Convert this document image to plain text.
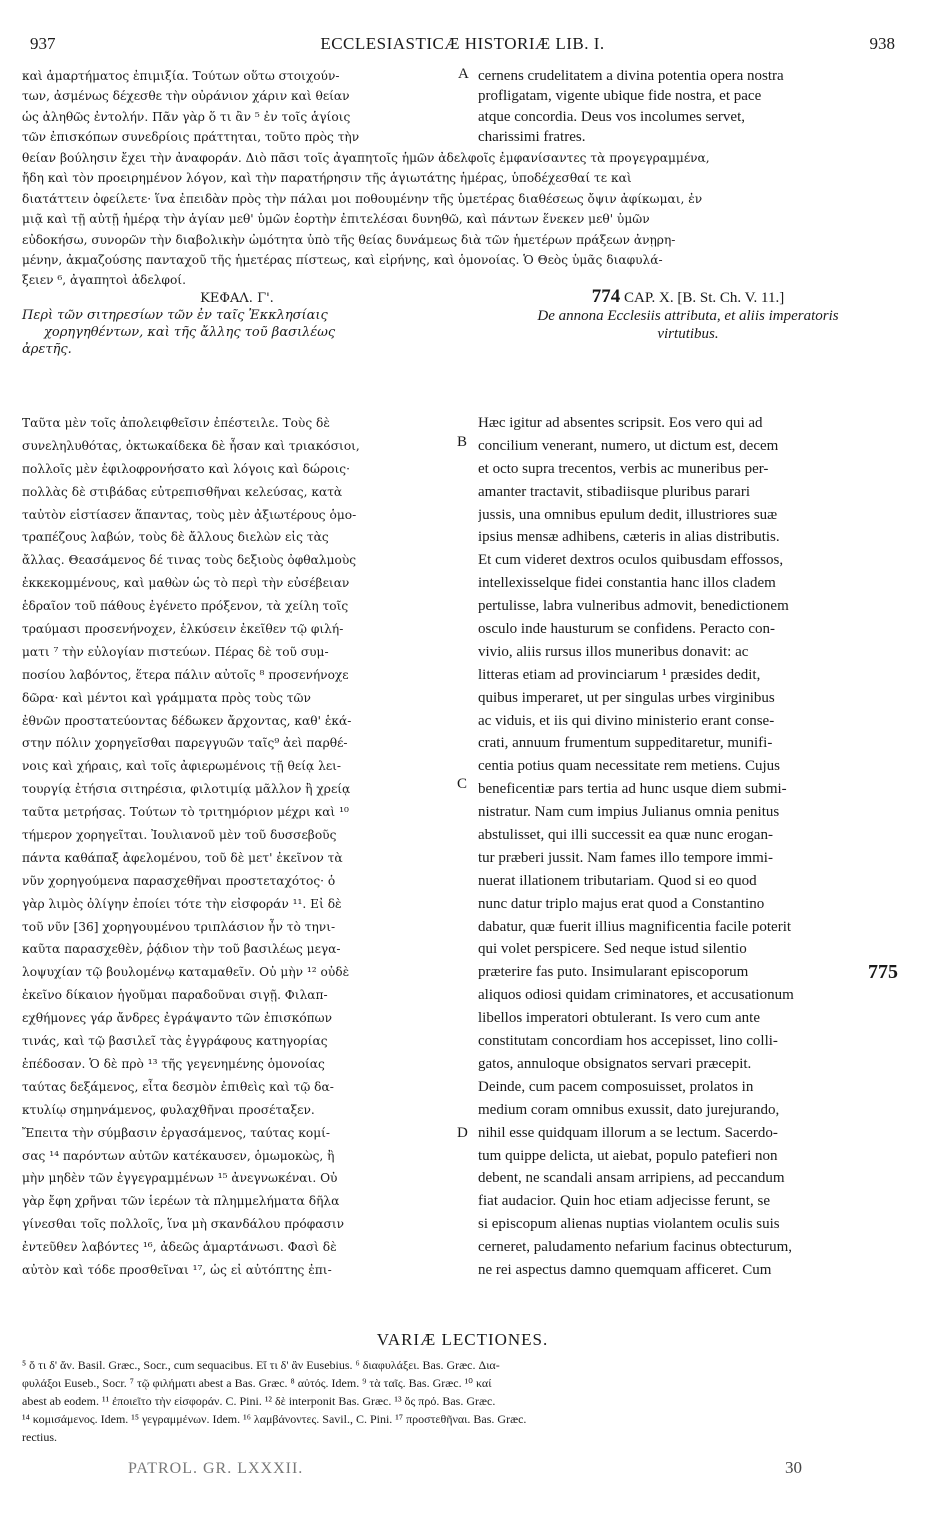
937	ECCLESIASTICÆ HISTORIÆ LIB. I.	938
καὶ ἁμαρτήματος ἐπιμιξία. Τούτων οὕτω στοιχούν-
των, ἀσμένως δέχεσθε τὴν οὐράνιον χάριν καὶ θείαν
ὡς ἀληθῶς ἐντολήν. Πᾶν γὰρ ὅ τι ἂν ⁵ ἐν τοῖς ἁγίοις
τῶν ἐπισκόπων συνεδρίοις πράττηται, τοῦτο πρὸς τὴν
A cernens crudelitatem a divina potentia opera nostra
profligatam, vigente ubique fide nostra, et pace
atque concordia. Deus vos incolumes servet,
charissimi fratres.
θείαν βούλησιν ἔχει τὴν ἀναφοράν. Διὸ πᾶσι τοῖς ἀγαπητοῖς ἡμῶν ἀδελφοῖς ἐμφανίσαντες τὰ προγεγραμμένα,
ἤδη καὶ τὸν προειρημένον λόγον, καὶ τὴν παρατήρησιν τῆς ἁγιωτάτης ἡμέρας, ὑποδέχεσθαί τε καὶ
διατάττειν ὀφείλετε· ἵνα ἐπειδὰν πρὸς τὴν πάλαι μοι ποθουμένην τῆς ὑμετέρας διαθέσεως ὄψιν ἀφίκωμαι, ἐν
μιᾷ καὶ τῇ αὐτῇ ἡμέρᾳ τὴν ἁγίαν μεθ' ὑμῶν ἑορτὴν ἐπιτελέσαι δυνηθῶ, καὶ πάντων ἕνεκεν μεθ' ὑμῶν
εὐδοκήσω, συνορῶν τὴν διαβολικὴν ὠμότητα ὑπὸ τῆς θείας δυνάμεως διὰ τῶν ἡμετέρων πράξεων ἀνῃρη-
μένην, ἀκμαζούσης πανταχοῦ τῆς ἡμετέρας πίστεως, καὶ εἰρήνης, καὶ ὁμονοίας. Ὁ Θεὸς ὑμᾶς διαφυλά-
ξειεν ⁶, ἀγαπητοὶ ἀδελφοί.
ΚΕΦΑΛ. Γ'.
Περὶ τῶν σιτηρεσίων τῶν ἐν ταῖς Ἐκκλησίαις
χορηγηθέντων, καὶ τῆς ἄλλης τοῦ βασιλέως
ἀρετῆς.
774 CAP. X. [B. St. Ch. V. 11.]
De annona Ecclesiis attributa, et aliis imperatoris
virtutibus.
Ταῦτα μὲν τοῖς ἀπολειφθεῖσιν ἐπέστειλε. Τοὺς δὲ
συνεληλυθότας, ὀκτωκαίδεκα δὲ ἦσαν καὶ τριακόσιοι,
πολλοῖς μὲν ἐφιλοφρονήσατο καὶ λόγοις καὶ δώροις·
πολλὰς δὲ στιβάδας εὐτρεπισθῆναι κελεύσας, κατὰ
ταὐτὸν εἱστίασεν ἅπαντας, τοὺς μὲν ἀξιωτέρους ὁμο-
τραπέζους λαβών, τοὺς δὲ ἄλλους διελὼν εἰς τὰς
ἄλλας. Θεασάμενος δέ τινας τοὺς δεξιοὺς ὀφθαλμοὺς
ἐκκεκομμένους, καὶ μαθὼν ὡς τὸ περὶ τὴν εὐσέβειαν
ἑδραῖον τοῦ πάθους ἐγένετο πρόξενον, τὰ χείλη τοῖς
τραύμασι προσενήνοχεν, ἑλκύσειν ἐκεῖθεν τῷ φιλή-
ματι ⁷ τὴν εὐλογίαν πιστεύων. Πέρας δὲ τοῦ συμ-
ποσίου λαβόντος, ἕτερα πάλιν αὐτοῖς ⁸ προσενήνοχε
δῶρα· καὶ μέντοι καὶ γράμματα πρὸς τοὺς τῶν
ἐθνῶν προστατεύοντας δέδωκεν ἄρχοντας, καθ' ἑκά-
στην πόλιν χορηγεῖσθαι παρεγγυῶν ταῖς⁹ ἀεὶ παρθέ-
νοις καὶ χήραις, καὶ τοῖς ἀφιερωμένοις τῇ θείᾳ λει-
τουργίᾳ ἐτήσια σιτηρέσια, φιλοτιμίᾳ μᾶλλον ἢ χρείᾳ
ταῦτα μετρήσας. Τούτων τὸ τριτημόριον μέχρι καὶ ¹⁰
τήμερον χορηγεῖται. Ἰουλιανοῦ μὲν τοῦ δυσσεβοῦς
πάντα καθάπαξ ἀφελομένου, τοῦ δὲ μετ' ἐκεῖνον τὰ
νῦν χορηγούμενα παρασχεθῆναι προστεταχότος· ὁ
γὰρ λιμὸς ὀλίγην ἐποίει τότε τὴν εἰσφοράν ¹¹. Εἰ δὲ
τοῦ νῦν [36] χορηγουμένου τριπλάσιον ἦν τὸ τηνι-
καῦτα παρασχεθὲν, ῥᾴδιον τὴν τοῦ βασιλέως μεγα-
λοψυχίαν τῷ βουλομένῳ καταμαθεῖν. Οὐ μὴν ¹² οὐδὲ
ἐκεῖνο δίκαιον ἡγοῦμαι παραδοῦναι σιγῇ. Φιλαπ-
εχθήμονες γάρ ἄνδρες ἐγράψαντο τῶν ἐπισκόπων
τινάς, καὶ τῷ βασιλεῖ τὰς ἐγγράφους κατηγορίας
ἐπέδοσαν. Ὁ δὲ πρὸ ¹³ τῆς γεγενημένης ὁμονοίας
ταύτας δεξάμενος, εἶτα δεσμὸν ἐπιθεὶς καὶ τῷ δα-
κτυλίῳ σημηνάμενος, φυλαχθῆναι προσέταξεν.
Ἔπειτα τὴν σύμβασιν ἐργασάμενος, ταύτας κομί-
σας ¹⁴ παρόντων αὐτῶν κατέκαυσεν, ὁμωμοκὼς, ἢ
μὴν μηδὲν τῶν ἐγγεγραμμένων ¹⁵ ἀνεγνωκέναι. Οὐ
γὰρ ἔφη χρῆναι τῶν ἱερέων τὰ πλημμελήματα δῆλα
γίνεσθαι τοῖς πολλοῖς, ἵνα μὴ σκανδάλου πρόφασιν
ἐντεῦθεν λαβόντες ¹⁶, ἀδεῶς ἁμαρτάνωσι. Φασὶ δὲ
αὐτὸν καὶ τόδε προσθεῖναι ¹⁷, ὡς εἰ αὐτόπτης ἐπι-
B
C
D
Hæc igitur ad absentes scripsit. Eos vero qui ad
concilium venerant, numero, ut dictum est, decem
et octo supra trecentos, verbis ac muneribus per-
amanter tractavit, stibadiisque pluribus parari
jussis, una omnibus epulum dedit, illustriores suæ
ipsius mensæ adhibens, cæteris in alias distributis.
Et cum videret dextros oculos quibusdam effossos,
intellexisselque fidei constantia hanc illos cladem
pertulisse, labra vulneribus admovit, benedictionem
osculo inde hausturum se confidens. Peracto con-
vivio, aliis rursus illos muneribus donavit: ac
litteras etiam ad provinciarum ¹ præsides dedit,
quibus imperaret, ut per singulas urbes virginibus
ac viduis, et iis qui divino ministerio erant conse-
crati, annuum frumentum suppeditaretur, munifi-
centia potius quam necessitate rem metiens. Cujus
beneficentiæ pars tertia ad hunc usque diem submi-
nistratur. Nam cum impius Julianus omnia penitus
abstulisset, qui illi successit ea quæ nunc erogan-
tur præberi jussit. Nam fames illo tempore immi-
nuerat illationem tributariam. Quod si eo quod
nunc datur triplo majus erat quod a Constantino
dabatur, quæ fuerit illius magnificentia facile poterit
qui volet perspicere. Sed neque istud silentio
præterire fas puto. Insimularant episcoporum
aliquos odiosi quidam criminatores, et accusationum
libellos imperatori obtulerant. Is vero cum ante
constitutam concordiam hos accepisset, lino colli-
gatos, annuloque obsignatos servari præcepit.
Deinde, cum pacem composuisset, prolatos in
medium coram omnibus exussit, dato jurejurando,
nihil esse quidquam illorum a se lectum. Sacerdo-
tum quippe delicta, ut aiebat, populo patefieri non
debent, ne scandali ansam arripiens, ad peccandum
fiat audacior. Quin hoc etiam adjecisse ferunt, se
si episcopum alienas nuptias violantem oculis suis
cerneret, paludamento nefarium facinus obtecturum,
ne rei aspectus damno quemquam afficeret. Cum
775
VARIÆ LECTIONES.
⁵ ὅ τι δ' ἄν. Basil. Græc., Socr., cum sequacibus. Εἴ τι δ' ἂν Eusebius. ⁶ διαφυλάξει. Bas. Græc. Δια-
φυλάξοι Euseb., Socr. ⁷ τῷ φιλήματι abest a Bas. Græc. ⁸ αὐτός. Idem. ⁹ τὰ ταῖς. Bas. Græc. ¹⁰ καί
abest ab eodem. ¹¹ ἐποιεῖτο τὴν εἰσφοράν. C. Pini. ¹² δὲ interponit Bas. Græc. ¹³ ὅς πρό. Bas. Græc.
¹⁴ κομισάμενος. Idem. ¹⁵ γεγραμμένων. Idem. ¹⁶ λαμβάνοντες. Savil., C. Pini. ¹⁷ προστεθῆναι. Bas. Græc.
rectius.
PATROL. GR. LXXXII.	30
